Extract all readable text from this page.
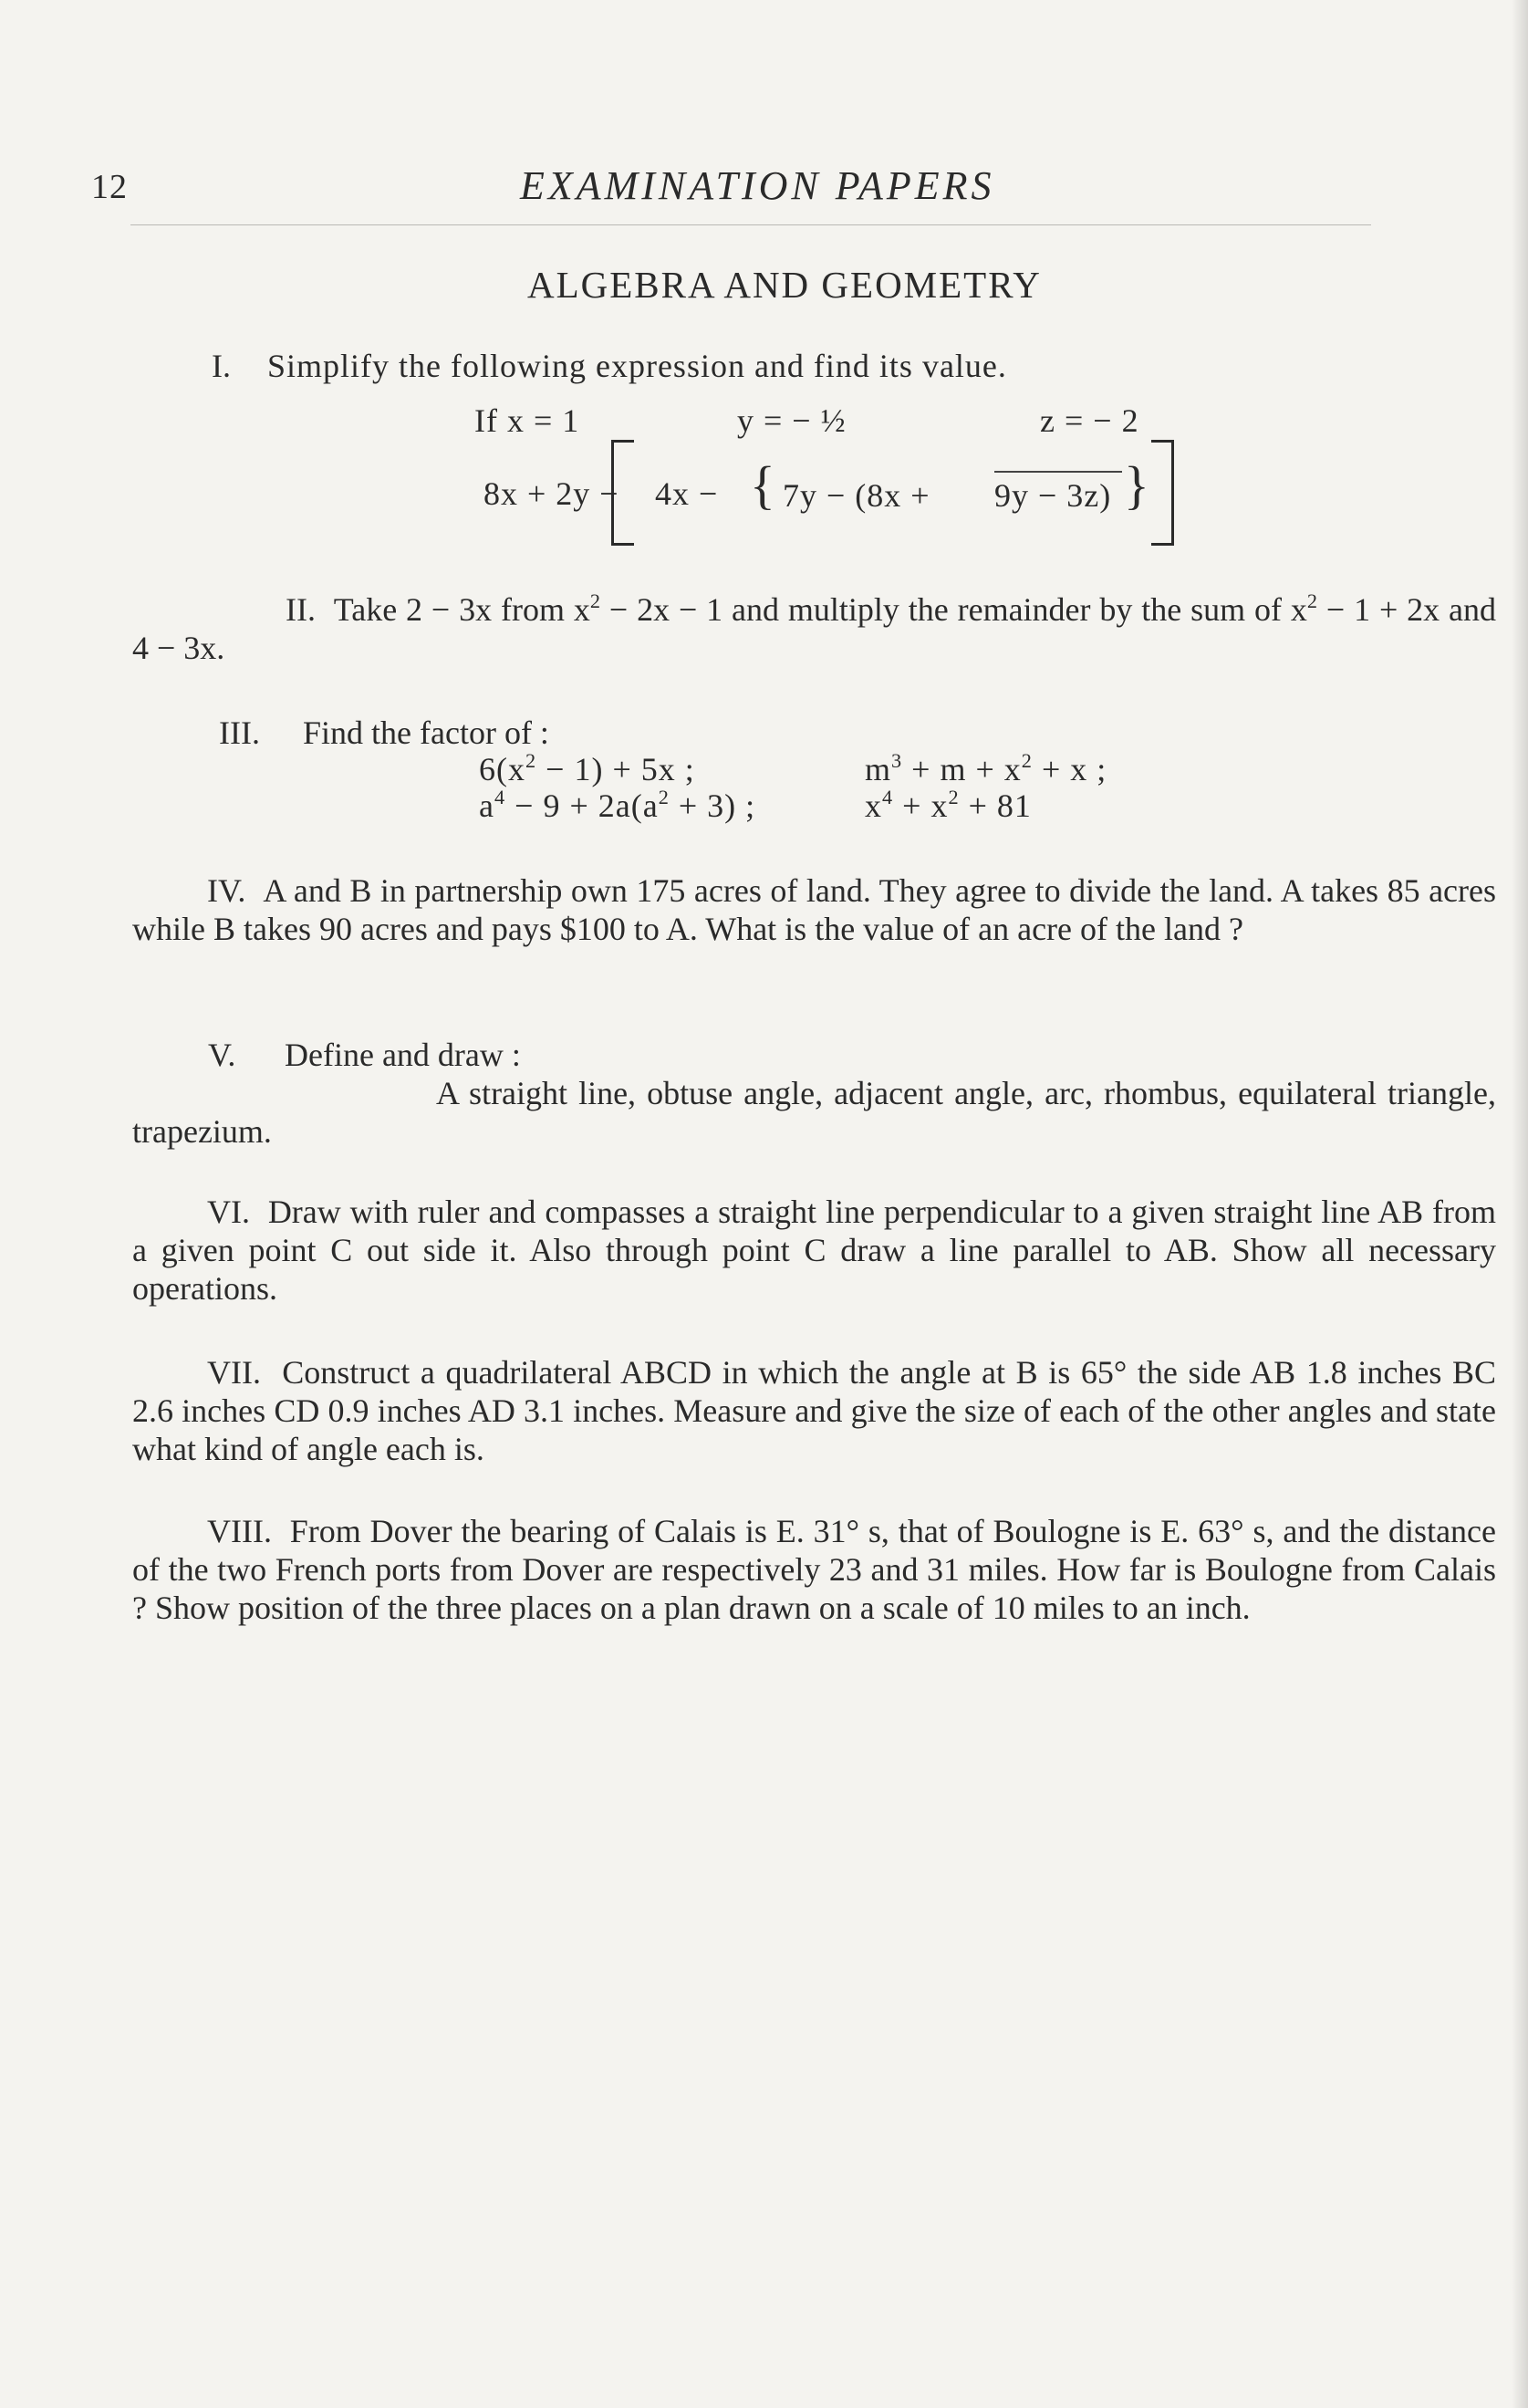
12	EXAMINATION PAPERS
ALGEBRA AND GEOMETRY
I. Simplify the following expression and find its value.
If x = 1	y = − ½	z = − 2
8x + 2y − 4x − { 7y − (8x + 9y − 3z) }

II. Take 2 − 3x from $x^2 - 2x - 1$ and multiply the remainder by the sum of $x^2 - 1 + 2x$ and 4 − 3x.

III. Find the factor of :
$6(x^2 - 1) + 5x$ ;	$m^3 + m + x^2 + x$ ;
$a^4 - 9 + 2a(a^2 + 3)$ ;	$x^4 + x^2 + 81$

IV. A and B in partnership own 175 acres of land. They agree to divide the land. A takes 85 acres while B takes 90 acres and pays $100 to A. What is the value of an acre of the land ?

V. Define and draw :

A straight line, obtuse angle, adjacent angle, arc, rhombus, equilateral triangle, trapezium.

VI. Draw with ruler and compasses a straight line perpendicular to a given straight line AB from a given point C out side it. Also through point C draw a line parallel to AB. Show all necessary operations.

VII. Construct a quadrilateral ABCD in which the angle at B is 65° the side AB 1.8 inches BC 2.6 inches CD 0.9 inches AD 3.1 inches. Measure and give the size of each of the other angles and state what kind of angle each is.

VIII. From Dover the bearing of Calais is E. 31° s, that of Boulogne is E. 63° s, and the distance of the two French ports from Dover are respectively 23 and 31 miles. How far is Boulogne from Calais ? Show position of the three places on a plan drawn on a scale of 10 miles to an inch.
